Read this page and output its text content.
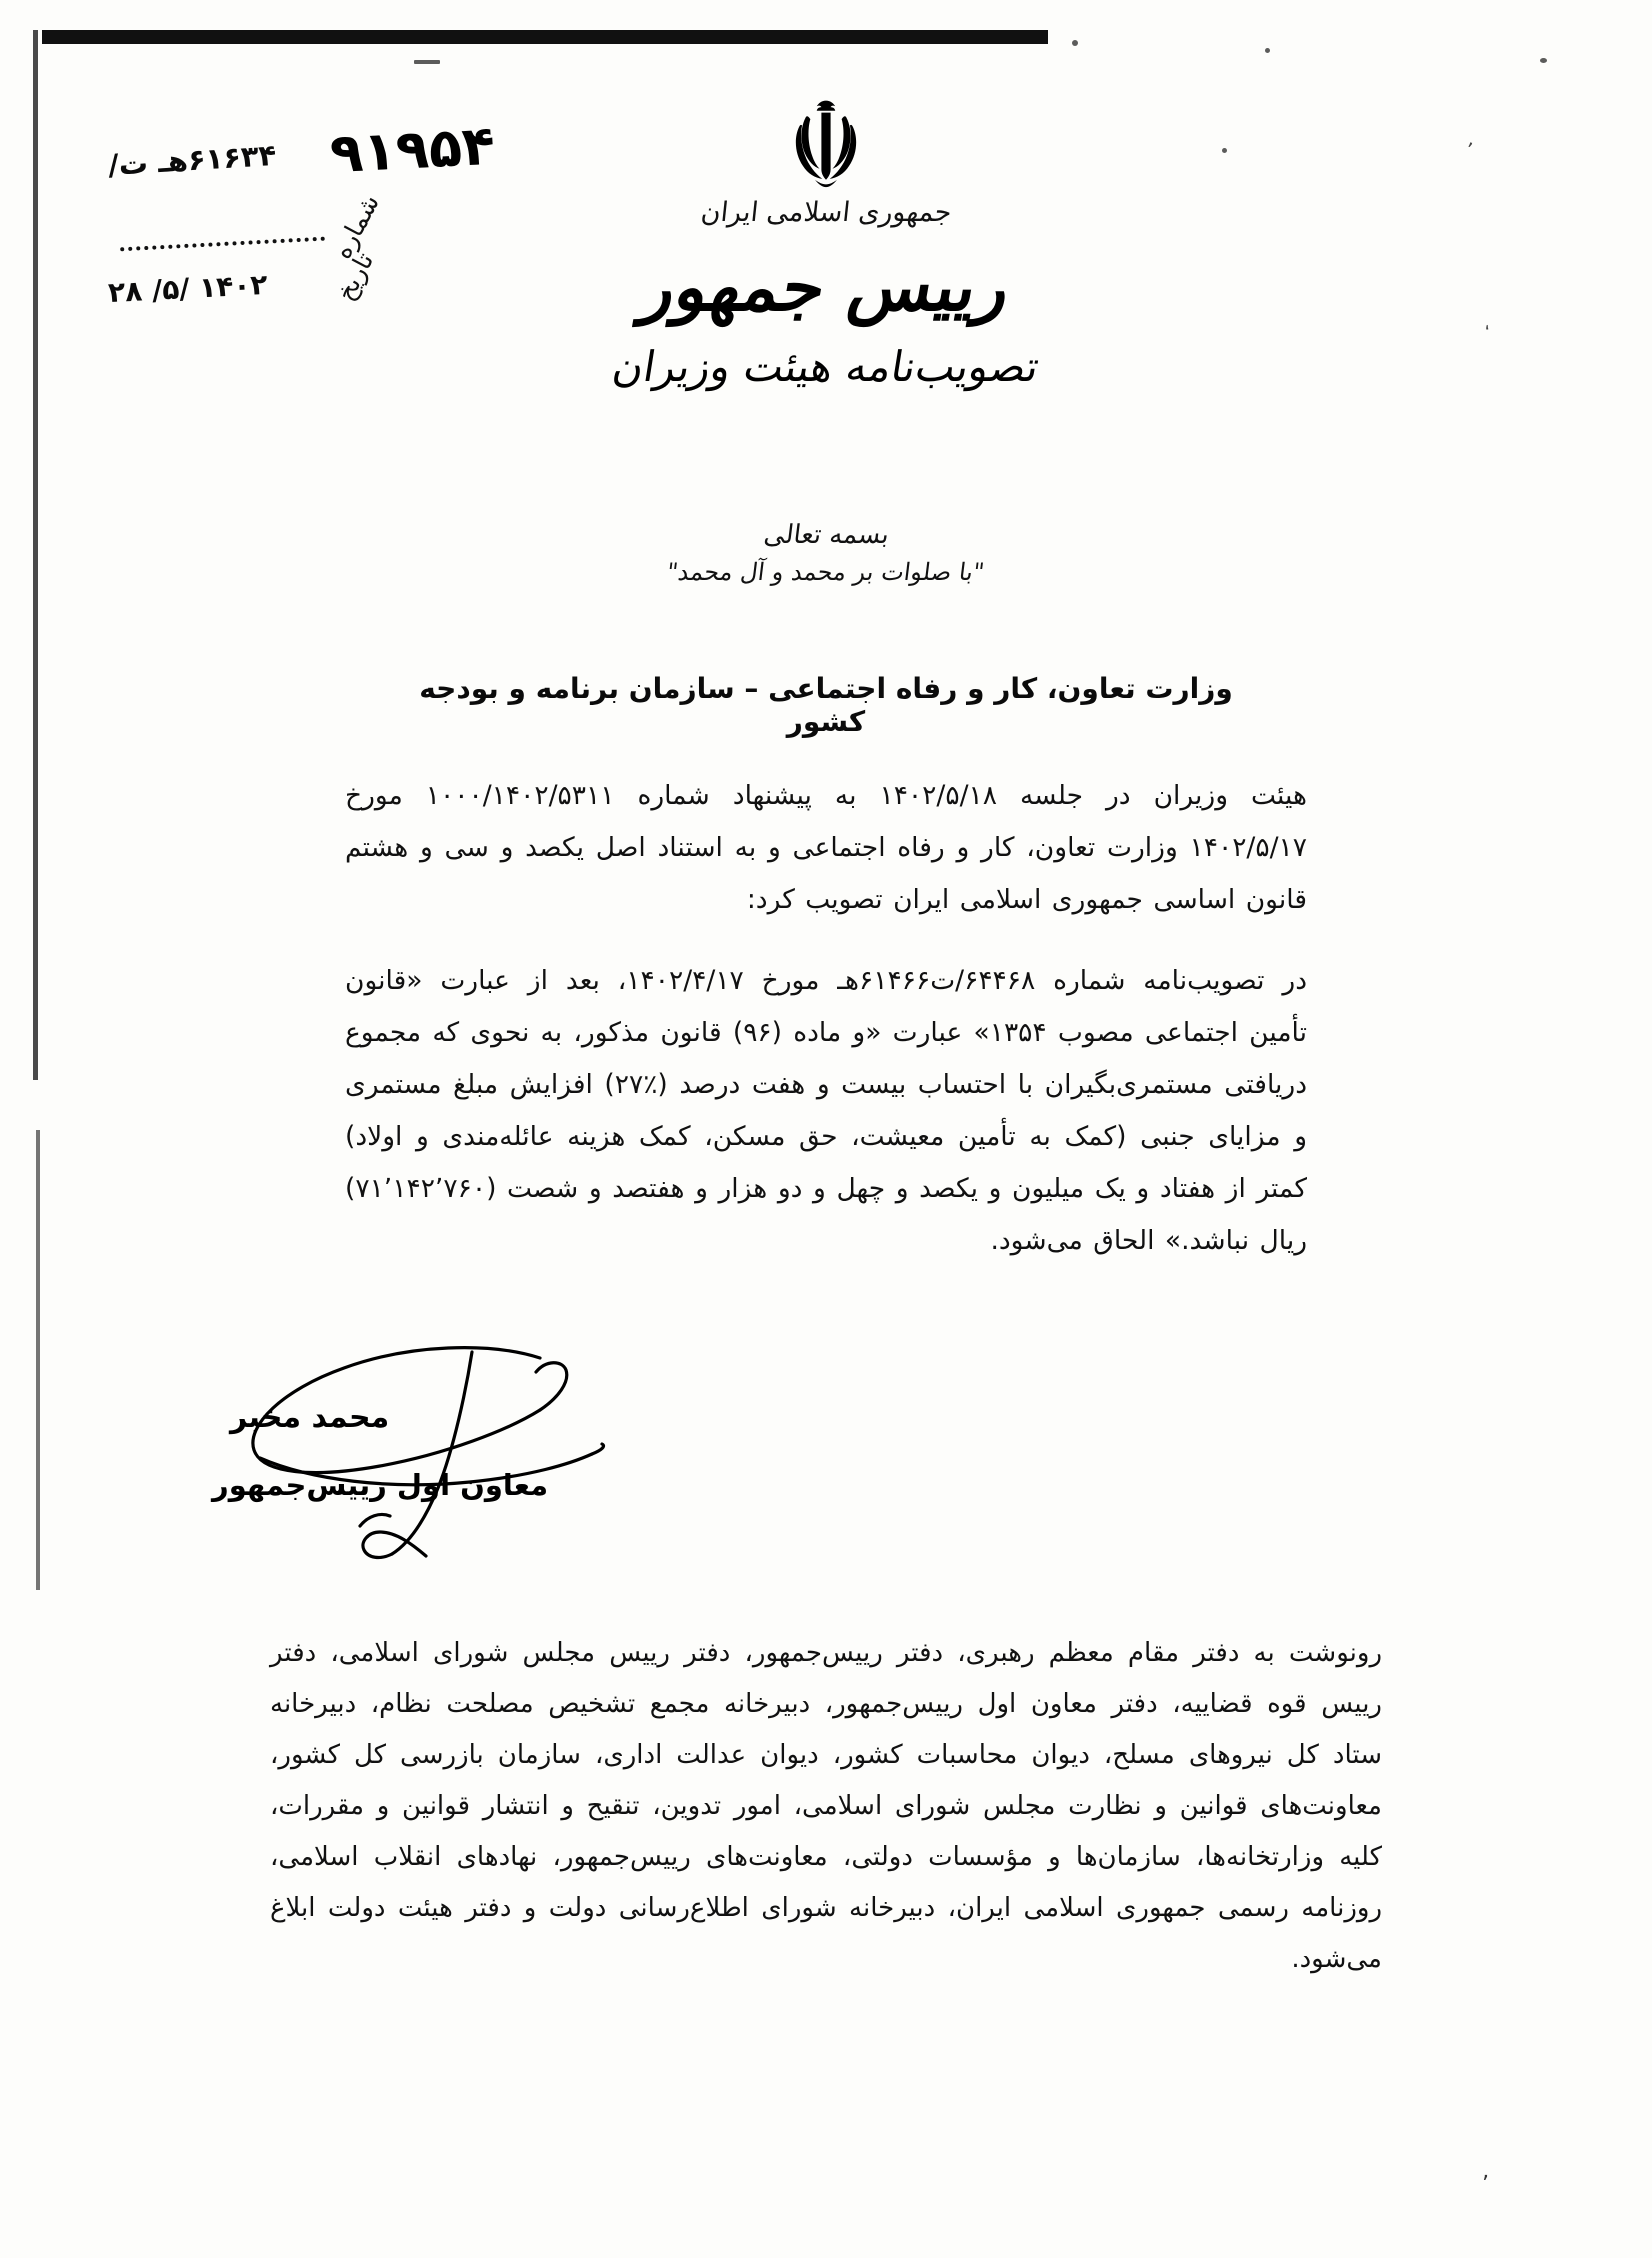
ʼ
ʻ
۹۱۹۵۴
۶۱۶۳۴هـ ت/
شماره
تاریخ
۱۴۰۲ /۵/ ۲۸
جمهوری اسلامی ایران
رییس جمهور
تصویب‌نامه هیئت وزیران
بسمه تعالی
"با صلوات بر محمد و آل محمد"
وزارت تعاون، کار و رفاه اجتماعی – سازمان برنامه و بودجه کشور
هیئت وزیران در جلسه ۱۴۰۲/۵/۱۸ به پیشنهاد شماره ۱۰۰۰/۱۴۰۲/۵۳۱۱ مورخ ۱۴۰۲/۵/۱۷ وزارت تعاون، کار و رفاه اجتماعی و به استناد اصل یکصد و سی و هشتم قانون اساسی جمهوری اسلامی ایران تصویب کرد:
در تصویب‌نامه شماره ۶۴۴۶۸/ت۶۱۴۶۶هـ مورخ ۱۴۰۲/۴/۱۷، بعد از عبارت «قانون تأمین اجتماعی مصوب ۱۳۵۴» عبارت «و ماده (۹۶) قانون مذکور، به نحوی که مجموع دریافتی مستمری‌بگیران با احتساب بیست و هفت درصد (٪۲۷) افزایش مبلغ مستمری و مزایای جنبی (کمک به تأمین معیشت، حق مسکن، کمک هزینه عائله‌مندی و اولاد) کمتر از هفتاد و یک میلیون و یکصد و چهل و دو هزار و هفتصد و شصت (۷۱٬۱۴۲٬۷۶۰) ریال نباشد.» الحاق می‌شود.
محمد مخبر
معاون اول رییس‌جمهور
رونوشت به دفتر مقام معظم رهبری، دفتر رییس‌جمهور، دفتر رییس مجلس شورای اسلامی، دفتر رییس قوه قضاییه، دفتر معاون اول رییس‌جمهور، دبیرخانه مجمع تشخیص مصلحت نظام، دبیرخانه ستاد کل نیروهای مسلح، دیوان محاسبات کشور، دیوان عدالت اداری، سازمان بازرسی کل کشور، معاونت‌های قوانین و نظارت مجلس شورای اسلامی، امور تدوین، تنقیح و انتشار قوانین و مقررات، کلیه وزارتخانه‌ها، سازمان‌ها و مؤسسات دولتی، معاونت‌های رییس‌جمهور، نهادهای انقلاب اسلامی، روزنامه رسمی جمهوری اسلامی ایران، دبیرخانه شورای اطلاع‌رسانی دولت و دفتر هیئت دولت ابلاغ می‌شود.
ʼ
